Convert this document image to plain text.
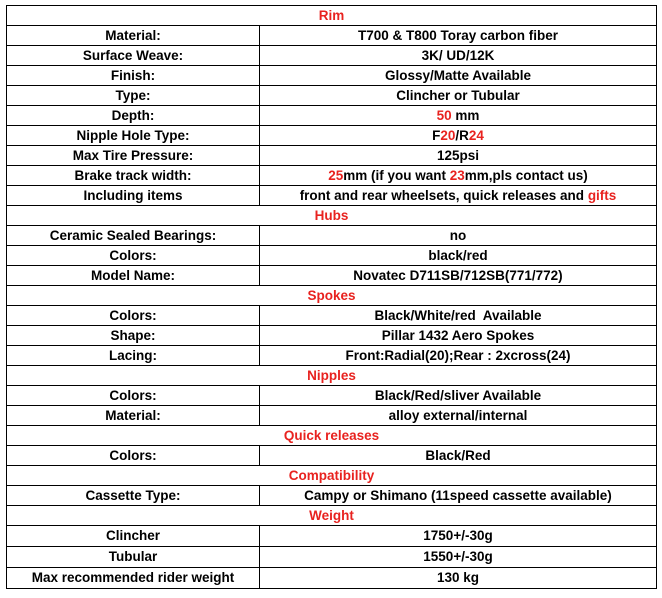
Rim	
Material:	T700 & T800 Toray carbon fiber
Surface Weave:	3K/ UD/12K
Finish:	Glossy/Matte Available
Type:	Clincher or Tubular
Depth:	50 mm
Nipple Hole Type:	F20/R24
Max Tire Pressure:	125psi
Brake track width:	25mm (if you want 23mm,pls contact us)
Including items	front and rear wheelsets, quick releases and gifts
Hubs	
Ceramic Sealed Bearings:	no
Colors:	black/red
Model Name:	Novatec D711SB/712SB(771/772)
Spokes	
Colors:	Black/White/red  Available
Shape:	Pillar 1432 Aero Spokes
Lacing:	Front:Radial(20);Rear : 2xcross(24)
Nipples	
Colors:	Black/Red/sliver Available
Material:	alloy external/internal
Quick releases	
Colors:	Black/Red
Compatibility	
Cassette Type:	Campy or Shimano (11speed cassette available)
Weight	
Clincher	1750+/-30g
Tubular	1550+/-30g
Max recommended rider weight	130 kg
